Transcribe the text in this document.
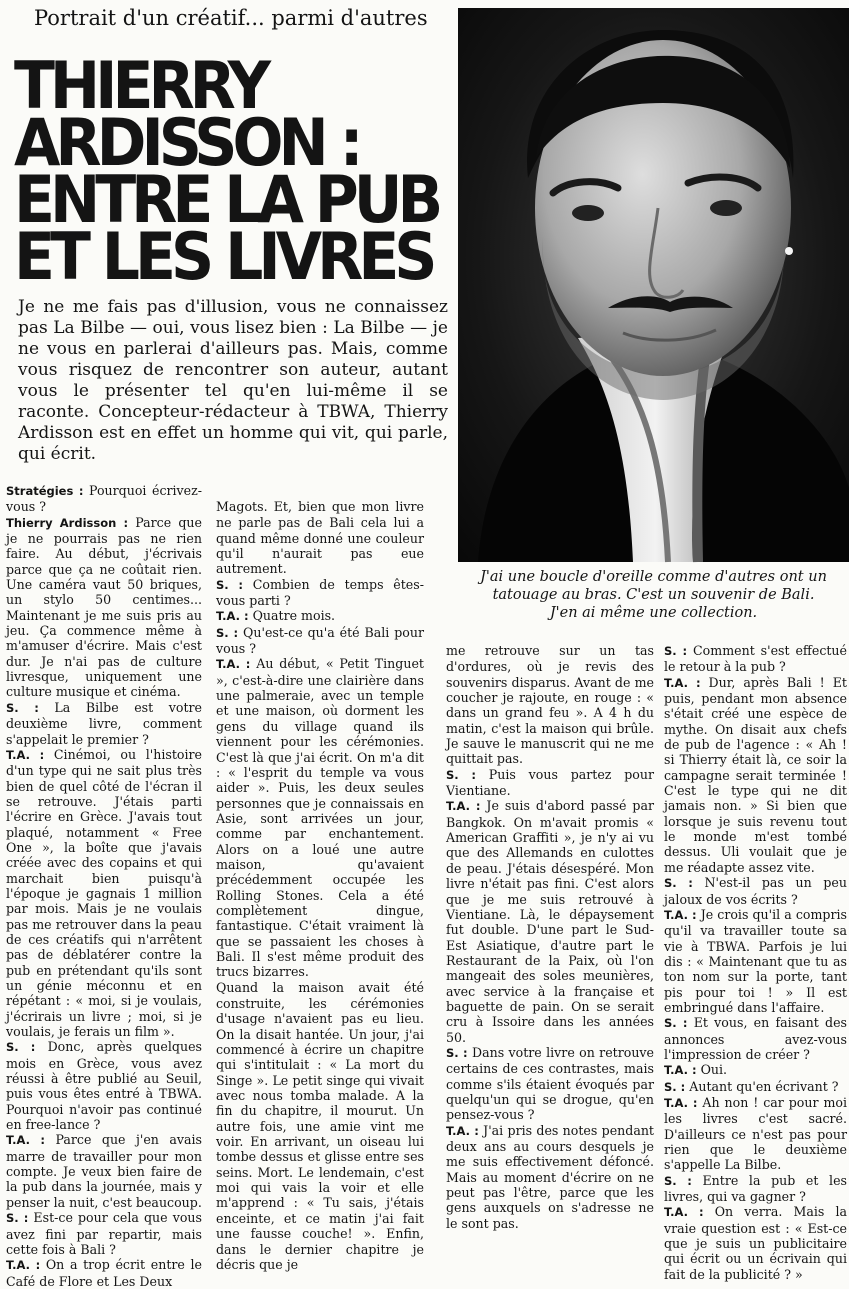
Portrait d'un créatif... parmi d'autres
THIERRY
ARDISSON :
ENTRE LA PUB
ET LES LIVRES
Je ne me fais pas d'illusion, vous ne connaissez pas La Bilbe — oui, vous lisez bien : La Bilbe — je ne vous en parlerai d'ailleurs pas. Mais, comme vous risquez de rencontrer son auteur, autant vous le présenter tel qu'en lui-même il se raconte. Concepteur-rédacteur à TBWA, Thierry Ardisson est en effet un homme qui vit, qui parle, qui écrit.
J'ai une boucle d'oreille comme d'autres ont un
tatouage au bras. C'est un souvenir de Bali.
J'en ai même une collection.

Stratégies : Pourquoi écrivez-vous ?

Thierry Ardisson : Parce que je ne pourrais pas ne rien faire. Au début, j'écrivais parce que ça ne coûtait rien. Une caméra vaut 50 briques, un stylo 50 centimes... Maintenant je me suis pris au jeu. Ça commence même à m'amuser d'écrire. Mais c'est dur. Je n'ai pas de culture livresque, uniquement une culture musique et cinéma.

S. : La Bilbe est votre deuxième livre, comment s'appelait le premier ?

T.A. : Cinémoi, ou l'histoire d'un type qui ne sait plus très bien de quel côté de l'écran il se retrouve. J'étais parti l'écrire en Grèce. J'avais tout plaqué, notamment « Free One », la boîte que j'avais créée avec des copains et qui marchait bien puisqu'à l'époque je gagnais 1 million par mois. Mais je ne voulais pas me retrouver dans la peau de ces créatifs qui n'arrêtent pas de déblatérer contre la pub en prétendant qu'ils sont un génie méconnu et en répétant : « moi, si je voulais, j'écrirais un livre ; moi, si je voulais, je ferais un film ».

S. : Donc, après quelques mois en Grèce, vous avez réussi à être publié au Seuil, puis vous êtes entré à TBWA. Pourquoi n'avoir pas continué en free-lance ?

T.A. : Parce que j'en avais marre de travailler pour mon compte. Je veux bien faire de la pub dans la journée, mais y penser la nuit, c'est beaucoup.

S. : Est-ce pour cela que vous avez fini par repartir, mais cette fois à Bali ?

T.A. : On a trop écrit entre le Café de Flore et Les Deux

Magots. Et, bien que mon livre ne parle pas de Bali cela lui a quand même donné une couleur qu'il n'aurait pas eue autrement.

S. : Combien de temps êtes-vous parti ?

T.A. : Quatre mois.

S. : Qu'est-ce qu'a été Bali pour vous ?

T.A. : Au début, « Petit Tinguet », c'est-à-dire une clairière dans une palmeraie, avec un temple et une maison, où dorment les gens du village quand ils viennent pour les cérémonies. C'est là que j'ai écrit. On m'a dit : « l'esprit du temple va vous aider ». Puis, les deux seules personnes que je connaissais en Asie, sont arrivées un jour, comme par enchantement. Alors on a loué une autre maison, qu'avaient précédemment occupée les Rolling Stones. Cela a été complètement dingue, fantastique. C'était vraiment là que se passaient les choses à Bali. Il s'est même produit des trucs bizarres.

Quand la maison avait été construite, les cérémonies d'usage n'avaient pas eu lieu. On la disait hantée. Un jour, j'ai commencé à écrire un chapitre qui s'intitulait : « La mort du Singe ». Le petit singe qui vivait avec nous tomba malade. A la fin du chapitre, il mourut. Un autre fois, une amie vint me voir. En arrivant, un oiseau lui tombe dessus et glisse entre ses seins. Mort. Le lendemain, c'est moi qui vais la voir et elle m'apprend : « Tu sais, j'étais enceinte, et ce matin j'ai fait une fausse couche! ». Enfin, dans le dernier chapitre je décris que je

me retrouve sur un tas d'ordures, où je revis des souvenirs disparus. Avant de me coucher je rajoute, en rouge : « dans un grand feu ». A 4 h du matin, c'est la maison qui brûle. Je sauve le manuscrit qui ne me quittait pas.

S. : Puis vous partez pour Vientiane.

T.A. : Je suis d'abord passé par Bangkok. On m'avait promis « American Graffiti », je n'y ai vu que des Allemands en culottes de peau. J'étais désespéré. Mon livre n'était pas fini. C'est alors que je me suis retrouvé à Vientiane. Là, le dépaysement fut double. D'une part le Sud-Est Asiatique, d'autre part le Restaurant de la Paix, où l'on mangeait des soles meunières, avec service à la française et baguette de pain. On se serait cru à Issoire dans les années 50.

S. : Dans votre livre on retrouve certains de ces contrastes, mais comme s'ils étaient évoqués par quelqu'un qui se drogue, qu'en pensez-vous ?

T.A. : J'ai pris des notes pendant deux ans au cours desquels je me suis effectivement défoncé. Mais au moment d'écrire on ne peut pas l'être, parce que les gens auxquels on s'adresse ne le sont pas.

S. : Comment s'est effectué le retour à la pub ?

T.A. : Dur, après Bali ! Et puis, pendant mon absence s'était créé une espèce de mythe. On disait aux chefs de pub de l'agence : « Ah ! si Thierry était là, ce soir la campagne serait terminée ! C'est le type qui ne dit jamais non. » Si bien que lorsque je suis revenu tout le monde m'est tombé dessus. Uli voulait que je me réadapte assez vite.

S. : N'est-il pas un peu jaloux de vos écrits ?

T.A. : Je crois qu'il a compris qu'il va travailler toute sa vie à TBWA. Parfois je lui dis : « Maintenant que tu as ton nom sur la porte, tant pis pour toi ! » Il est embringué dans l'affaire.

S. : Et vous, en faisant des annonces avez-vous l'impression de créer ?

T.A. : Oui.

S. : Autant qu'en écrivant ?

T.A. : Ah non ! car pour moi les livres c'est sacré. D'ailleurs ce n'est pas pour rien que le deuxième s'appelle La Bilbe.

S. : Entre la pub et les livres, qui va gagner ?

T.A. : On verra. Mais la vraie question est : « Est-ce que je suis un publicitaire qui écrit ou un écrivain qui fait de la publicité ? »
